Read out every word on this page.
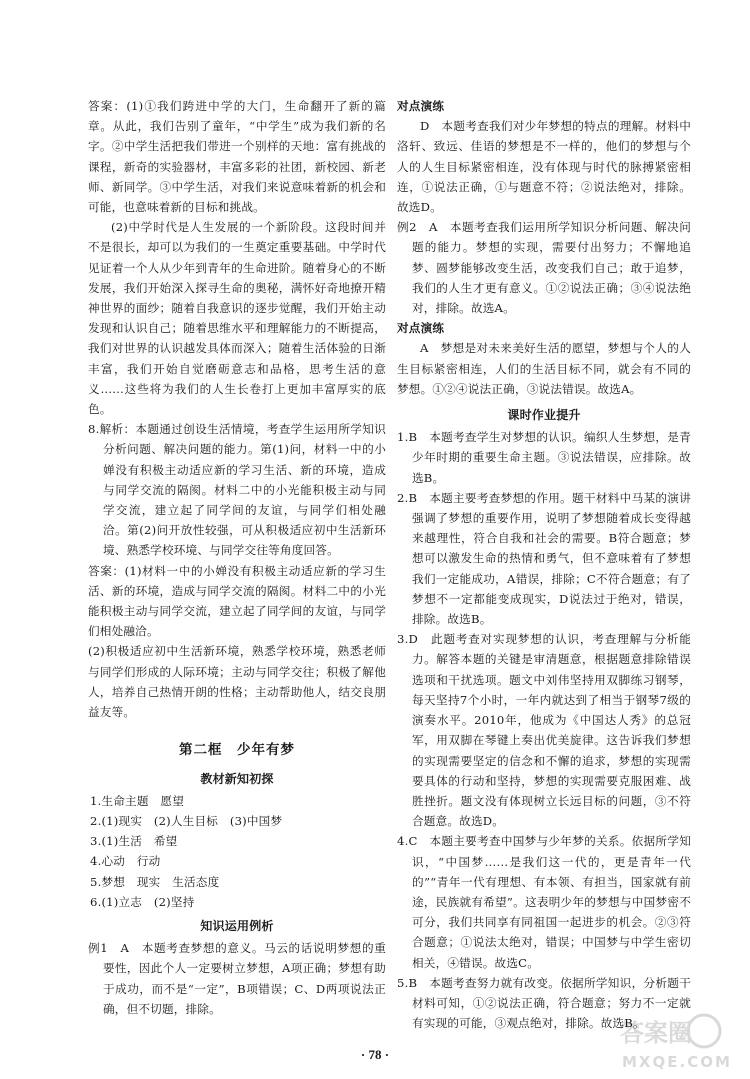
答案：(1)①我们跨进中学的大门，生命翻开了新的篇章。从此，我们告别了童年，“中学生”成为我们新的名字。②中学生活把我们带进一个别样的天地：富有挑战的课程，新奇的实验器材，丰富多彩的社团，新校园、新老师、新同学。③中学生活，对我们来说意味着新的机会和可能，也意味着新的目标和挑战。

(2)中学时代是人生发展的一个新阶段。这段时间并不是很长，却可以为我们的一生奠定重要基础。中学时代见证着一个人从少年到青年的生命进阶。随着身心的不断发展，我们开始深入探寻生命的奥秘，满怀好奇地撩开精神世界的面纱；随着自我意识的逐步觉醒，我们开始主动发现和认识自己；随着思维水平和理解能力的不断提高，我们对世界的认识越发具体而深入；随着生活体验的日渐丰富，我们开始自觉磨砺意志和品格，思考生活的意义……这些将为我们的人生长卷打上更加丰富厚实的底色。

8.解析：本题通过创设生活情境，考查学生运用所学知识分析问题、解决问题的能力。第(1)问，材料一中的小婵没有积极主动适应新的学习生活、新的环境，造成与同学交流的隔阂。材料二中的小光能积极主动与同学交流，建立起了同学间的友谊，与同学们相处融洽。第(2)问开放性较强，可从积极适应初中生活新环境、熟悉学校环境、与同学交往等角度回答。

答案：(1)材料一中的小婵没有积极主动适应新的学习生活、新的环境，造成与同学交流的隔阂。材料二中的小光能积极主动与同学交流，建立起了同学间的友谊，与同学们相处融洽。

(2)积极适应初中生活新环境，熟悉学校环境，熟悉老师与同学们形成的人际环境；主动与同学交往；积极了解他人，培养自己热情开朗的性格；主动帮助他人，结交良朋益友等。

第二框　少年有梦
教材新知初探

1.生命主题　愿望

2.(1)现实　(2)人生目标　(3)中国梦

3.(1)生活　希望

4.心动　行动

5.梦想　现实　生活态度

6.(1)立志　(2)坚持

知识运用例析

例1　A　本题考查梦想的意义。马云的话说明梦想的重要性，因此个人一定要树立梦想，A项正确；梦想有助于成功，而不是“一定”，B项错误；C、D两项说法正确，但不切题，排除。

对点演练

D　本题考查我们对少年梦想的特点的理解。材料中洛轩、致远、佳语的梦想是不一样的，他们的梦想与个人的人生目标紧密相连，没有体现与时代的脉搏紧密相连，①说法正确，①与题意不符；②说法绝对，排除。故选D。

例2　A　本题考查我们运用所学知识分析问题、解决问题的能力。梦想的实现，需要付出努力；不懈地追梦、圆梦能够改变生活，改变我们自己；敢于追梦，我们的人生才更有意义。①②说法正确；③④说法绝对，排除。故选A。

对点演练

A　梦想是对未来美好生活的愿望，梦想与个人的人生目标紧密相连，人们的生活目标不同，就会有不同的梦想。①②④说法正确，③说法错误。故选A。

课时作业提升

1.B　本题考查学生对梦想的认识。编织人生梦想，是青少年时期的重要生命主题。③说法错误，应排除。故选B。

2.B　本题主要考查梦想的作用。题干材料中马某的演讲强调了梦想的重要作用，说明了梦想随着成长变得越来越理性，符合自我和社会的需要。B符合题意；梦想可以激发生命的热情和勇气，但不意味着有了梦想我们一定能成功，A错误，排除；C不符合题意；有了梦想不一定都能变成现实，D说法过于绝对，错误，排除。故选B。

3.D　此题考查对实现梦想的认识，考查理解与分析能力。解答本题的关键是审清题意，根据题意排除错误选项和干扰选项。题文中刘伟坚持用双脚练习钢琴，每天坚持7个小时，一年内就达到了相当于钢琴7级的演奏水平。2010年，他成为《中国达人秀》的总冠军，用双脚在琴键上奏出优美旋律。这告诉我们梦想的实现需要坚定的信念和不懈的追求，梦想的实现需要具体的行动和坚持，梦想的实现需要克服困难、战胜挫折。题文没有体现树立长远目标的问题，③不符合题意。故选D。

4.C　本题主要考查中国梦与少年梦的关系。依据所学知识，“中国梦……是我们这一代的，更是青年一代的”“青年一代有理想、有本领、有担当，国家就有前途，民族就有希望”。这表明少年的梦想与中国梦密不可分，我们共同享有同祖国一起进步的机会。②③符合题意；①说法太绝对，错误；中国梦与中学生密切相关，④错误。故选C。

5.B　本题考查努力就有改变。依据所学知识，分析题干材料可知，①②说法正确，符合题意；努力不一定就有实现的可能，③观点绝对，排除。故选B。

· 78 ·
答案圈
MXQE.COM
